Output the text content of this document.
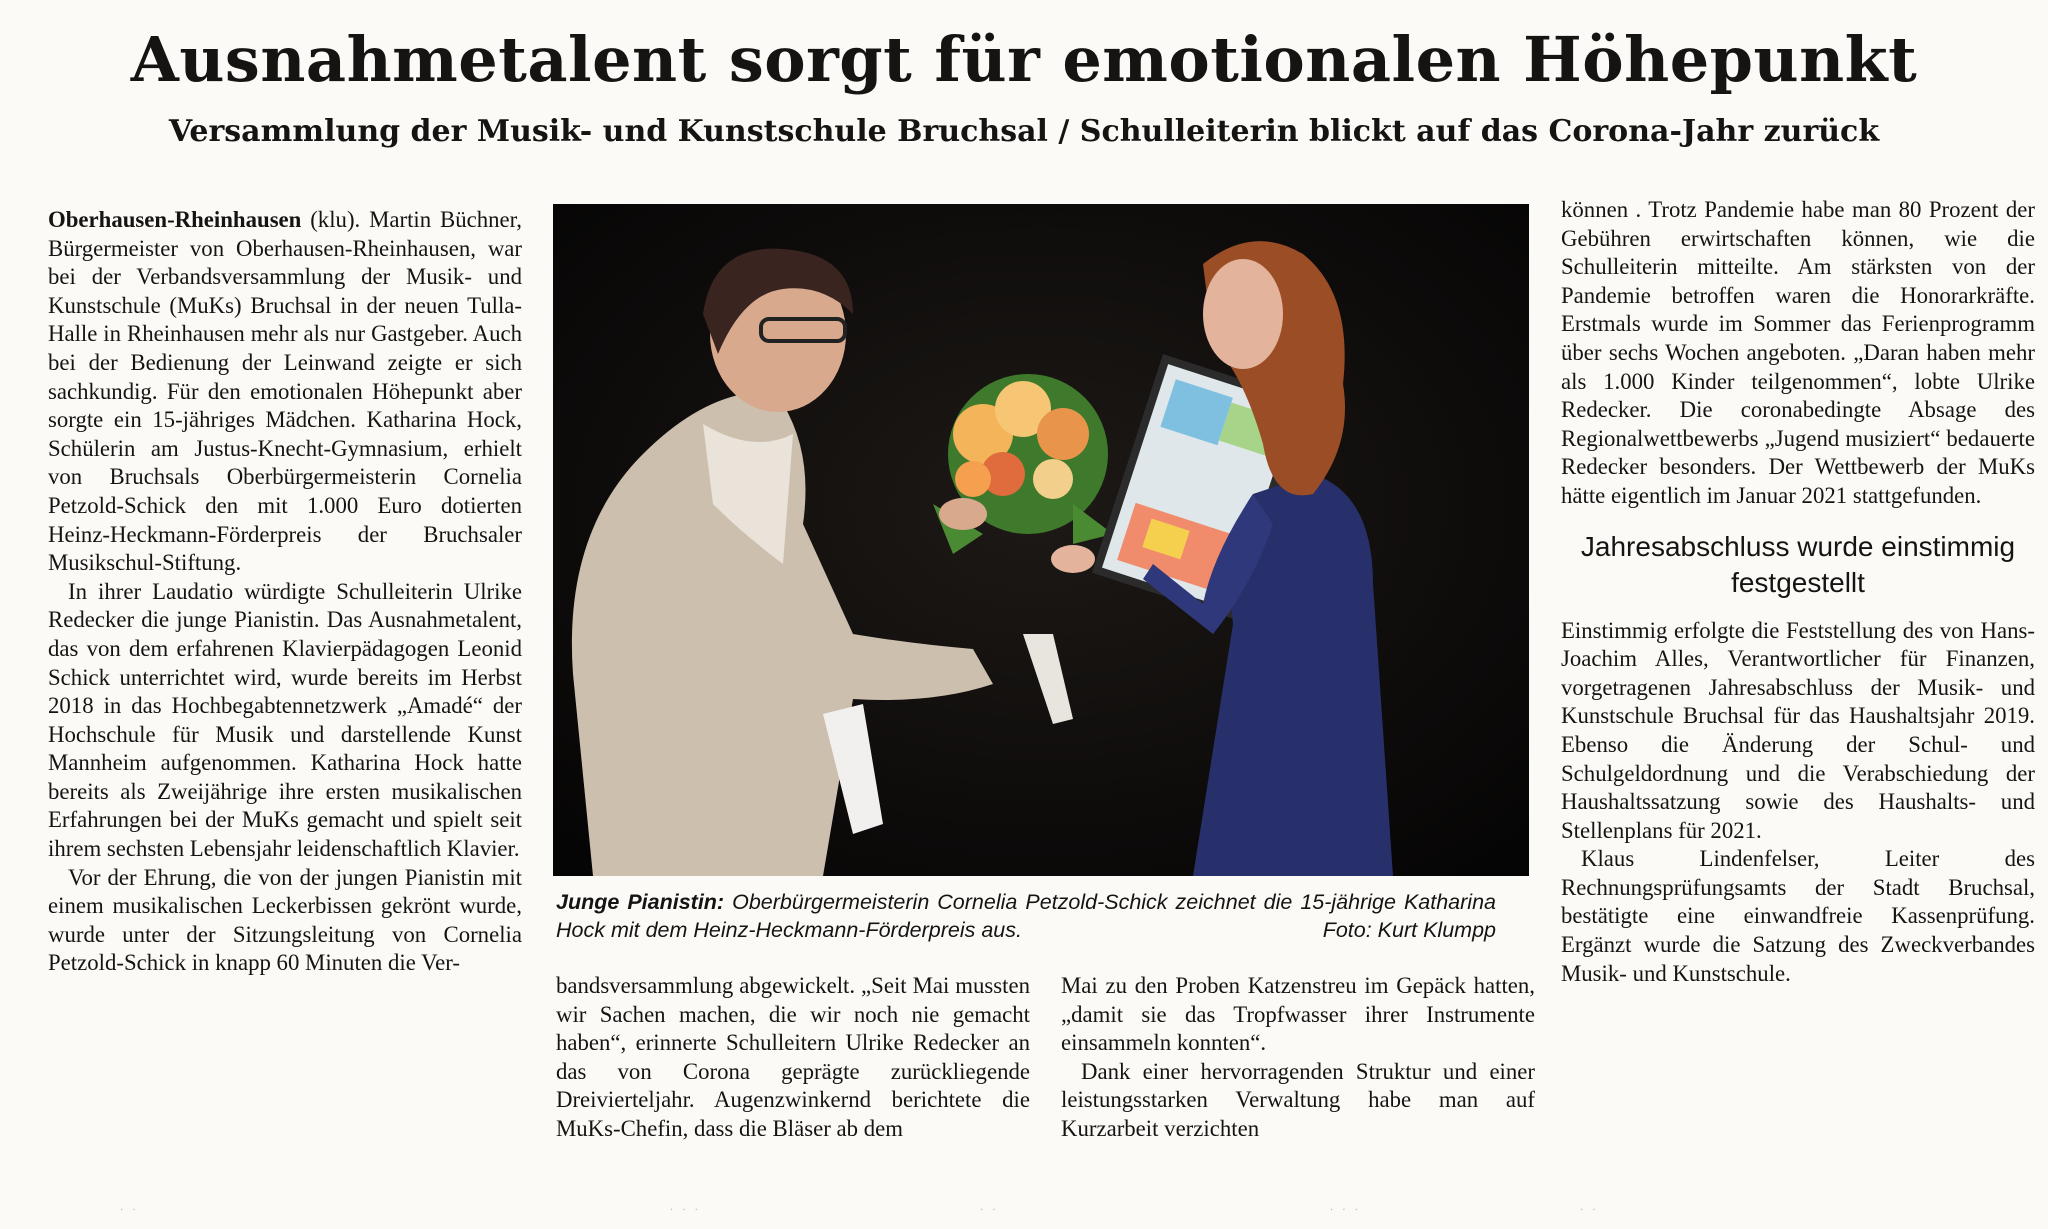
Ausnahmetalent sorgt für emotionalen Höhepunkt
Versammlung der Musik- und Kunstschule Bruchsal / Schulleiterin blickt auf das Corona-Jahr zurück

Oberhausen-Rheinhausen (klu). Martin Büchner, Bürgermeister von Oberhausen-Rheinhausen, war bei der Verbandsversammlung der Musik- und Kunstschule (MuKs) Bruchsal in der neuen Tulla-Halle in Rheinhausen mehr als nur Gastgeber. Auch bei der Bedienung der Leinwand zeigte er sich sachkundig. Für den emotionalen Höhepunkt aber sorgte ein 15-jähriges Mädchen. Katharina Hock, Schülerin am Justus-Knecht-Gymnasium, erhielt von Bruchsals Oberbürgermeisterin Cornelia Petzold-Schick den mit 1.000 Euro dotierten Heinz-Heckmann-Förderpreis der Bruchsaler Musikschul-Stiftung.

In ihrer Laudatio würdigte Schulleiterin Ulrike Redecker die junge Pianistin. Das Ausnahmetalent, das von dem erfahrenen Klavierpädagogen Leonid Schick unterrichtet wird, wurde bereits im Herbst 2018 in das Hochbegabtennetzwerk „Amadé“ der Hochschule für Musik und darstellende Kunst Mannheim aufgenommen. Katharina Hock hatte bereits als Zweijährige ihre ersten musikalischen Erfahrungen bei der MuKs gemacht und spielt seit ihrem sechsten Lebensjahr leidenschaftlich Klavier.

Vor der Ehrung, die von der jungen Pianistin mit einem musikalischen Leckerbissen gekrönt wurde, wurde unter der Sitzungsleitung von Cornelia Petzold-Schick in knapp 60 Minuten die Ver-

Junge Pianistin: Oberbürgermeisterin Cornelia Petzold-Schick zeichnet die 15-jährige Katharina Hock mit dem Heinz-Heckmann-Förderpreis aus.	Foto: Kurt Klumpp

bandsversammlung abgewickelt. „Seit Mai mussten wir Sachen machen, die wir noch nie gemacht haben“, erinnerte Schulleitern Ulrike Redecker an das von Corona geprägte zurückliegende Dreivierteljahr. Augenzwinkernd berichtete die MuKs-Chefin, dass die Bläser ab dem

Mai zu den Proben Katzenstreu im Gepäck hatten, „damit sie das Tropfwasser ihrer Instrumente einsammeln konnten“.

Dank einer hervorragenden Struktur und einer leistungsstarken Verwaltung habe man auf Kurzarbeit verzichten

können . Trotz Pandemie habe man 80 Prozent der Gebühren erwirtschaften können, wie die Schulleiterin mitteilte. Am stärksten von der Pandemie betroffen waren die Honorarkräfte. Erstmals wurde im Sommer das Ferienprogramm über sechs Wochen angeboten. „Daran haben mehr als 1.000 Kinder teilgenommen“, lobte Ulrike Redecker. Die coronabedingte Absage des Regionalwettbewerbs „Jugend musiziert“ bedauerte Redecker besonders. Der Wettbewerb der MuKs hätte eigentlich im Januar 2021 stattgefunden.

Jahresabschluss wurde einstimmig festgestellt

Einstimmig erfolgte die Feststellung des von Hans-Joachim Alles, Verantwortlicher für Finanzen, vorgetragenen Jahresabschluss der Musik- und Kunstschule Bruchsal für das Haushaltsjahr 2019. Ebenso die Änderung der Schul- und Schulgeldordnung und die Verabschiedung der Haushaltssatzung sowie des Haushalts- und Stellenplans für 2021.

Klaus Lindenfelser, Leiter des Rechnungsprüfungsamts der Stadt Bruchsal, bestätigte eine einwandfreie Kassenprüfung. Ergänzt wurde die Satzung des Zweckverbandes Musik- und Kunstschule.

· ·	· · ·	· ·	· · ·	· ·
